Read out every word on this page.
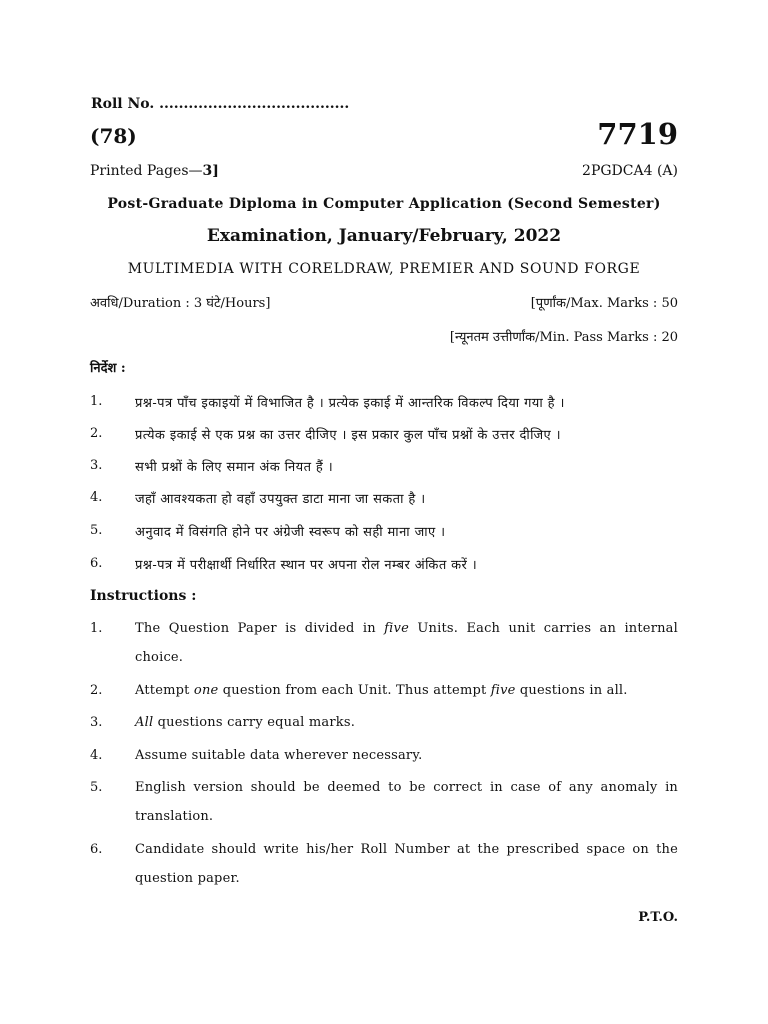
Roll No. .......................................
(78)	7719
Printed Pages—3]	2PGDCA4 (A)
Post-Graduate Diploma in Computer Application (Second Semester)
Examination, January/February, 2022
MULTIMEDIA WITH CORELDRAW, PREMIER AND SOUND FORGE
अवधि/Duration : 3 घंटे/Hours]	[पूर्णांक/Max. Marks : 50
[न्यूनतम उत्तीर्णांक/Min. Pass Marks : 20
निर्देश :
1.	प्रश्न-पत्र पाँच इकाइयों में विभाजित है । प्रत्येक इकाई में आन्तरिक विकल्प दिया गया है ।
2.	प्रत्येक इकाई से एक प्रश्न का उत्तर दीजिए । इस प्रकार कुल पाँच प्रश्नों के उत्तर दीजिए ।
3.	सभी प्रश्नों के लिए समान अंक नियत हैं ।
4.	जहाँ आवश्यकता हो वहाँ उपयुक्त डाटा माना जा सकता है ।
5.	अनुवाद में विसंगति होने पर अंग्रेजी स्वरूप को सही माना जाए ।
6.	प्रश्न-पत्र में परीक्षार्थी निर्धारित स्थान पर अपना रोल नम्बर अंकित करें ।
Instructions :
1.	The Question Paper is divided in five Units. Each unit carries an internal choice.
2.	Attempt one question from each Unit. Thus attempt five questions in all.
3.	All questions carry equal marks.
4.	Assume suitable data wherever necessary.
5.	English version should be deemed to be correct in case of any anomaly in translation.
6.	Candidate should write his/her Roll Number at the prescribed space on the question paper.
P.T.O.
